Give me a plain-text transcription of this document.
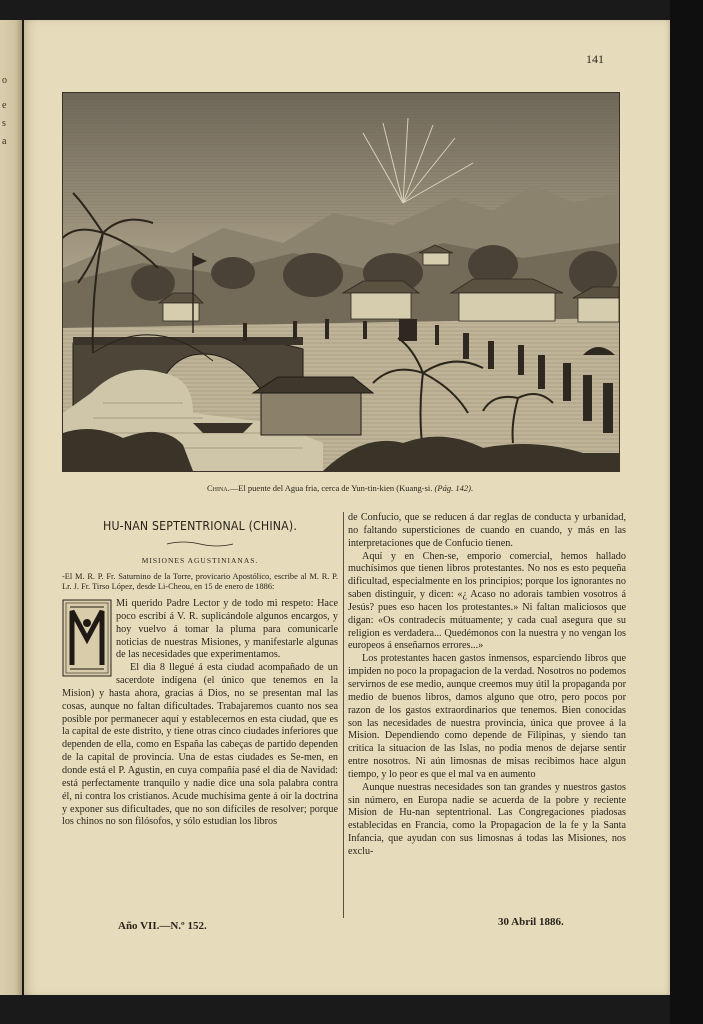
o
e
s
a
141
China.—El puente del Agua fria, cerca de Yun-tin-kien (Kuang-si. (Pág. 142).
HU-NAN SEPTENTRIONAL (CHINA).
MISIONES AGUSTINIANAS.
-El M. R. P. Fr. Saturnino de la Torre, provicario Apostólico, escribe al M. R. P. Lr. J. Fr. Tirso López, desde Li-Cheou, en 15 de enero de 1886:

Mi querido Padre Lector y de todo mi respeto: Hace poco escribí á V. R. suplicándole algunos encargos, y hoy vuelvo á tomar la pluma para comunicarle noticias de nuestras Misiones, y manifestarle algunas de las necesidades que experimentamos.

El dia 8 llegué á esta ciudad acompañado de un sacerdote indígena (el único que tenemos en la Mision) y hasta ahora, gracias á Dios, no se presentan mal las cosas, aunque no faltan dificultades. Trabajaremos cuanto nos sea posible por permanecer aquí y establecernos en esta ciudad, que es la capital de este distrito, y tiene otras cinco ciudades inferiores que dependen de ella, como en España las cabeças de partido dependen de la capital de provincia. Una de estas ciudades es Se-men, en donde está el P. Agustin, en cuya compañía pasé el dia de Navidad: está perfectamente tranquilo y nadie dice una sola palabra contra él, ni contra los cristianos. Acude muchísima gente á oir la doctrina y exponer sus dificultades, que no son difíciles de resolver; porque los chinos no son filósofos, y sólo estudian los libros

de Confucio, que se reducen á dar reglas de conducta y urbanidad, no faltando supersticiones de cuando en cuando, y más en las interpretaciones que de Confucio tienen.

Aquí y en Chen-se, emporio comercial, hemos hallado muchísimos que tienen libros protestantes. No nos es esto pequeña dificultad, especialmente en los principios; porque los ignorantes no saben distinguir, y dicen: «¿ Acaso no adorais tambien vosotros á Jesús? pues eso hacen los protestantes.» Ni faltan maliciosos que digan: «Os contradecís mútuamente; y cada cual asegura que su religion es verdadera... Quedémonos con la nuestra y no vengan los europeos á enseñarnos errores...»

Los protestantes hacen gastos inmensos, esparciendo libros que impiden no poco la propagacion de la verdad. Nosotros no podemos servirnos de ese medio, aunque creemos muy útil la propaganda por medio de buenos libros, damos alguno que otro, pero pocos por razon de los gastos extraordinarios que tenemos. Bien conocidas son las necesidades de nuestra provincia, única que provee á la Mision. Dependiendo como depende de Filipinas, y siendo tan crítica la situacion de las Islas, no podia menos de dejarse sentir entre nosotros. Ni aún limosnas de misas recibimos hace algun tiempo, y lo peor es que el mal va en aumento

Aunque nuestras necesidades son tan grandes y nuestros gastos sin número, en Europa nadie se acuerda de la pobre y reciente Mision de Hu-nan septentrional. Las Congregaciones piadosas establecidas en Francia, como la Propagacion de la fe y la Santa Infancia, que ayudan con sus limosnas á todas las Misiones, nos exclu-

Año VII.—N.º 152.	30 Abril 1886.
